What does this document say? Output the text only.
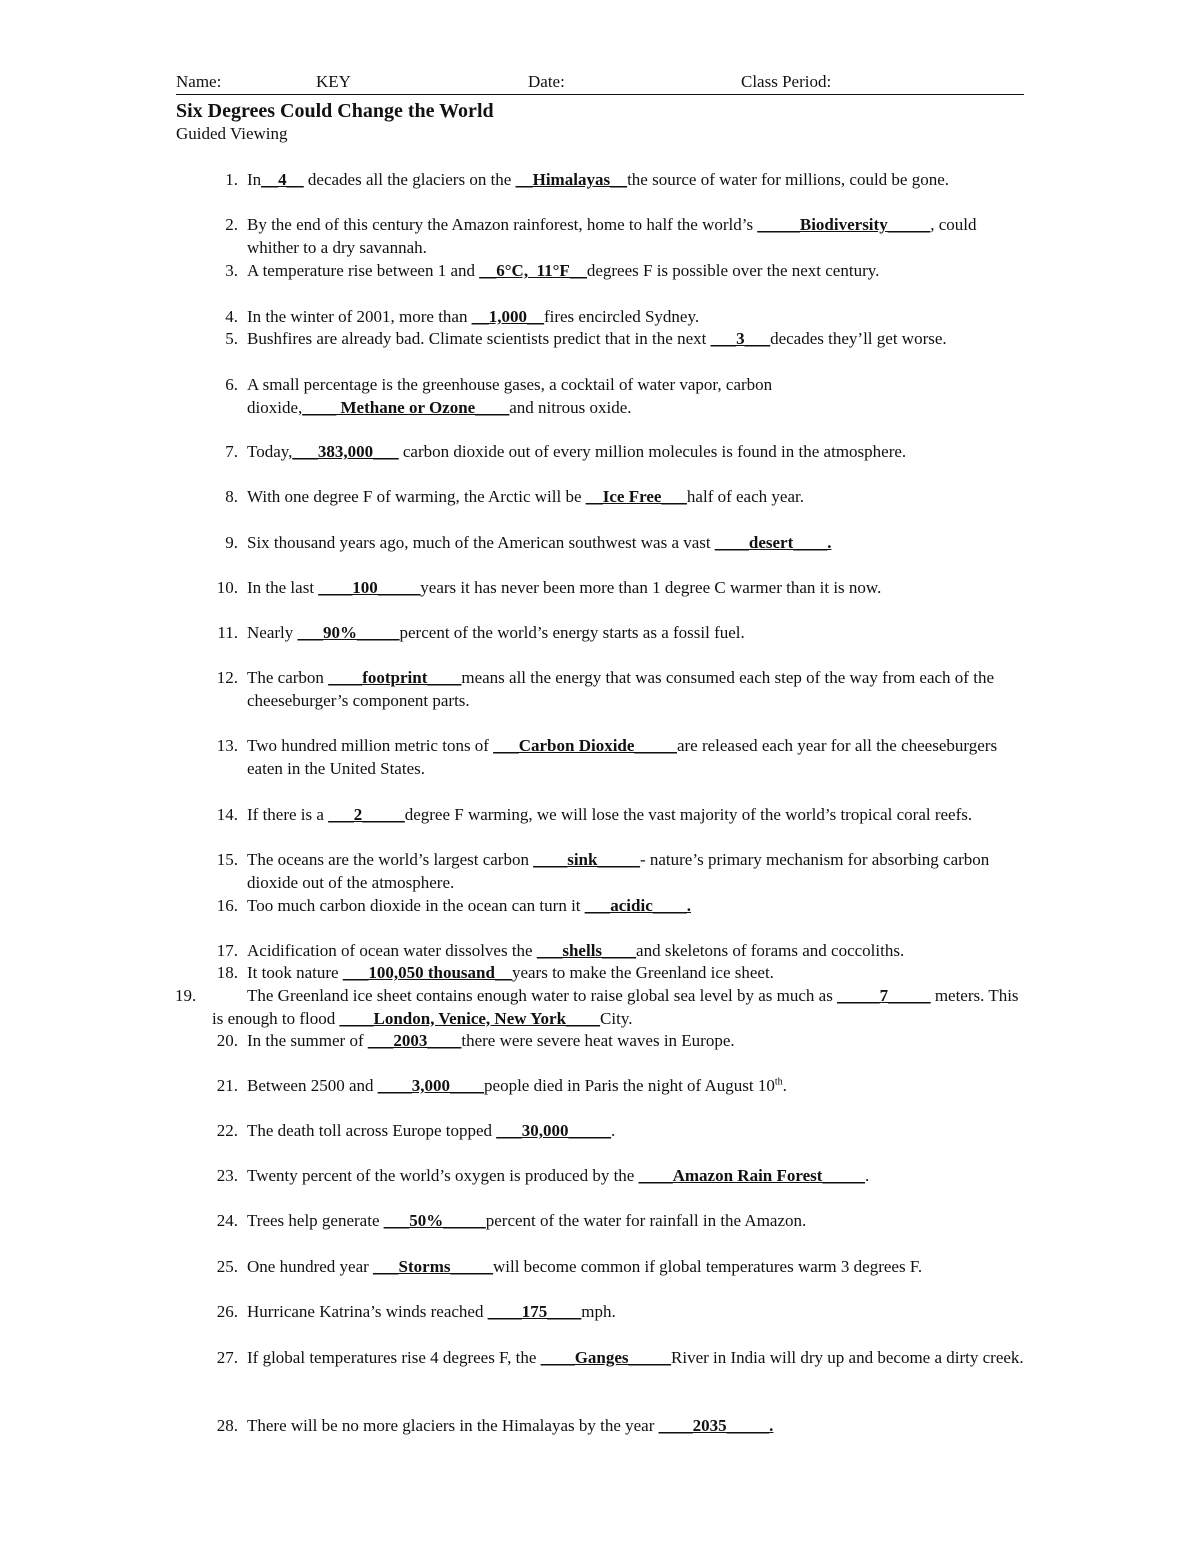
Name:	KEY	Date:	Class Period:
Six Degrees Could Change the World
Guided Viewing
1. In__4__ decades all the glaciers on the __Himalayas__the source of water for millions, could be gone.
2. By the end of this century the Amazon rainforest, home to half the world’s _____Biodiversity_____, could whither to a dry savannah.
3. A temperature rise between 1 and __6°C,  11°F__degrees F is possible over the next century.
4. In the winter of 2001, more than __1,000__fires encircled Sydney.
5. Bushfires are already bad. Climate scientists predict that in the next ___3___decades they’ll get worse.
6. A small percentage is the greenhouse gases, a cocktail of water vapor, carbon dioxide,____ Methane or Ozone____and nitrous oxide.
7. Today,___383,000___ carbon dioxide out of every million molecules is found in the atmosphere.
8. With one degree F of warming, the Arctic will be __Ice Free___half of each year.
9. Six thousand years ago, much of the American southwest was a vast ____desert____.
10. In the last ____100_____years it has never been more than 1 degree C warmer than it is now.
11. Nearly ___90%_____percent of the world’s energy starts as a fossil fuel.
12. The carbon ____footprint____means all the energy that was consumed each step of the way from each of the cheeseburger’s component parts.
13. Two hundred million metric tons of ___Carbon Dioxide_____are released each year for all the cheeseburgers eaten in the United States.
14. If there is a ___2_____degree F warming, we will lose the vast majority of the world’s tropical coral reefs.
15. The oceans are the world’s largest carbon ____sink_____- nature’s primary mechanism for absorbing carbon dioxide out of the atmosphere.
16. Too much carbon dioxide in the ocean can turn it ___acidic____.
17. Acidification of ocean water dissolves the ___shells____and skeletons of forams and coccoliths.
18. It took nature ___100,050 thousand__years to make the Greenland ice sheet.
19.	The Greenland ice sheet contains enough water to raise global sea level by as much as _____7_____ meters. This is enough to flood ____London, Venice, New York____City.
20. In the summer of ___2003____there were severe heat waves in Europe.
21. Between 2500 and ____3,000____people died in Paris the night of August 10th.
22. The death toll across Europe topped ___30,000_____.
23. Twenty percent of the world’s oxygen is produced by the ____Amazon Rain Forest_____.
24. Trees help generate ___50%_____percent of the water for rainfall in the Amazon.
25. One hundred year ___Storms_____will become common if global temperatures warm 3 degrees F.
26. Hurricane Katrina’s winds reached ____175____mph.
27. If global temperatures rise 4 degrees F, the ____Ganges_____River in India will dry up and become a dirty creek.
28. There will be no more glaciers in the Himalayas by the year ____2035_____.
